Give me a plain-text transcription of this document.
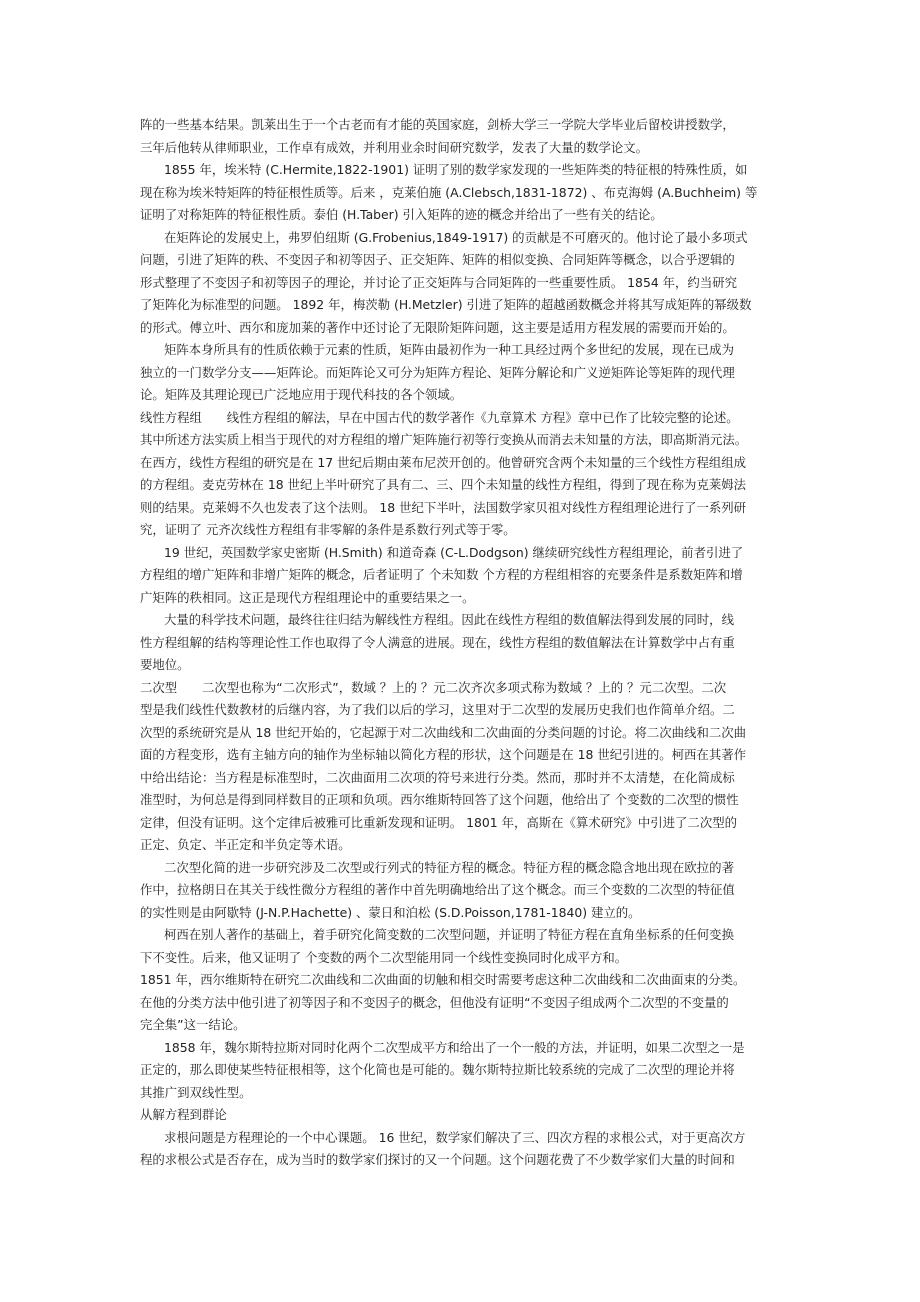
阵的一些基本结果。凯莱出生于一个古老而有才能的英国家庭，剑桥大学三一学院大学毕业后留校讲授数学，
三年后他转从律师职业，工作卓有成效，并利用业余时间研究数学，发表了大量的数学论文。
1855 年，埃米特 (C.Hermite,1822-1901) 证明了别的数学家发现的一些矩阵类的特征根的特殊性质，如
现在称为埃米特矩阵的特征根性质等。后来 ，克莱伯施 (A.Clebsch,1831-1872) 、布克海姆 (A.Buchheim) 等
证明了对称矩阵的特征根性质。泰伯 (H.Taber) 引入矩阵的迹的概念并给出了一些有关的结论。
在矩阵论的发展史上，弗罗伯纽斯 (G.Frobenius,1849-1917) 的贡献是不可磨灭的。他讨论了最小多项式
问题，引进了矩阵的秩、不变因子和初等因子、正交矩阵、矩阵的相似变换、合同矩阵等概念，以合乎逻辑的
形式整理了不变因子和初等因子的理论，并讨论了正交矩阵与合同矩阵的一些重要性质。 1854 年，约当研究
了矩阵化为标准型的问题。 1892 年，梅茨勒 (H.Metzler) 引进了矩阵的超越函数概念并将其写成矩阵的幂级数
的形式。傅立叶、西尔和庞加莱的著作中还讨论了无限阶矩阵问题，这主要是适用方程发展的需要而开始的。
矩阵本身所具有的性质依赖于元素的性质，矩阵由最初作为一种工具经过两个多世纪的发展，现在已成为
独立的一门数学分支——矩阵论。而矩阵论又可分为矩阵方程论、矩阵分解论和广义逆矩阵论等矩阵的现代理
论。矩阵及其理论现已广泛地应用于现代科技的各个领域。
线性方程组　　线性方程组的解法，早在中国古代的数学著作《九章算术 方程》章中已作了比较完整的论述。
其中所述方法实质上相当于现代的对方程组的增广矩阵施行初等行变换从而消去未知量的方法，即高斯消元法。
在西方，线性方程组的研究是在 17 世纪后期由莱布尼茨开创的。他曾研究含两个未知量的三个线性方程组组成
的方程组。麦克劳林在 18 世纪上半叶研究了具有二、三、四个未知量的线性方程组，得到了现在称为克莱姆法
则的结果。克莱姆不久也发表了这个法则。 18 世纪下半叶，法国数学家贝祖对线性方程组理论进行了一系列研
究，证明了 元齐次线性方程组有非零解的条件是系数行列式等于零。
19 世纪，英国数学家史密斯 (H.Smith) 和道奇森 (C-L.Dodgson) 继续研究线性方程组理论，前者引进了
方程组的增广矩阵和非增广矩阵的概念，后者证明了 个未知数 个方程的方程组相容的充要条件是系数矩阵和增
广矩阵的秩相同。这正是现代方程组理论中的重要结果之一。
大量的科学技术问题，最终往往归结为解线性方程组。因此在线性方程组的数值解法得到发展的同时，线
性方程组解的结构等理论性工作也取得了令人满意的进展。现在，线性方程组的数值解法在计算数学中占有重
要地位。
二次型　　二次型也称为“二次形式”，数域 ？上的 ？元二次齐次多项式称为数域 ？上的 ？元二次型。二次
型是我们线性代数教材的后继内容，为了我们以后的学习，这里对于二次型的发展历史我们也作简单介绍。二
次型的系统研究是从 18 世纪开始的，它起源于对二次曲线和二次曲面的分类问题的讨论。将二次曲线和二次曲
面的方程变形，选有主轴方向的轴作为坐标轴以简化方程的形状，这个问题是在 18 世纪引进的。柯西在其著作
中给出结论：当方程是标准型时，二次曲面用二次项的符号来进行分类。然而，那时并不太清楚，在化简成标
准型时，为何总是得到同样数目的正项和负项。西尔维斯特回答了这个问题，他给出了 个变数的二次型的惯性
定律，但没有证明。这个定律后被雅可比重新发现和证明。 1801 年，高斯在《算术研究》中引进了二次型的
正定、负定、半正定和半负定等术语。
二次型化简的进一步研究涉及二次型或行列式的特征方程的概念。特征方程的概念隐含地出现在欧拉的著
作中，拉格朗日在其关于线性微分方程组的著作中首先明确地给出了这个概念。而三个变数的二次型的特征值
的实性则是由阿歇特 (J-N.P.Hachette) 、蒙日和泊松 (S.D.Poisson,1781-1840) 建立的。
柯西在别人著作的基础上，着手研究化简变数的二次型问题，并证明了特征方程在直角坐标系的任何变换
下不变性。后来，他又证明了 个变数的两个二次型能用同一个线性变换同时化成平方和。
1851 年，西尔维斯特在研究二次曲线和二次曲面的切触和相交时需要考虑这种二次曲线和二次曲面束的分类。
在他的分类方法中他引进了初等因子和不变因子的概念，但他没有证明“不变因子组成两个二次型的不变量的
完全集”这一结论。
1858 年，魏尔斯特拉斯对同时化两个二次型成平方和给出了一个一般的方法，并证明，如果二次型之一是
正定的，那么即使某些特征根相等，这个化简也是可能的。魏尔斯特拉斯比较系统的完成了二次型的理论并将
其推广到双线性型。
从解方程到群论
求根问题是方程理论的一个中心课题。 16 世纪，数学家们解决了三、四次方程的求根公式，对于更高次方
程的求根公式是否存在，成为当时的数学家们探讨的又一个问题。这个问题花费了不少数学家们大量的时间和
